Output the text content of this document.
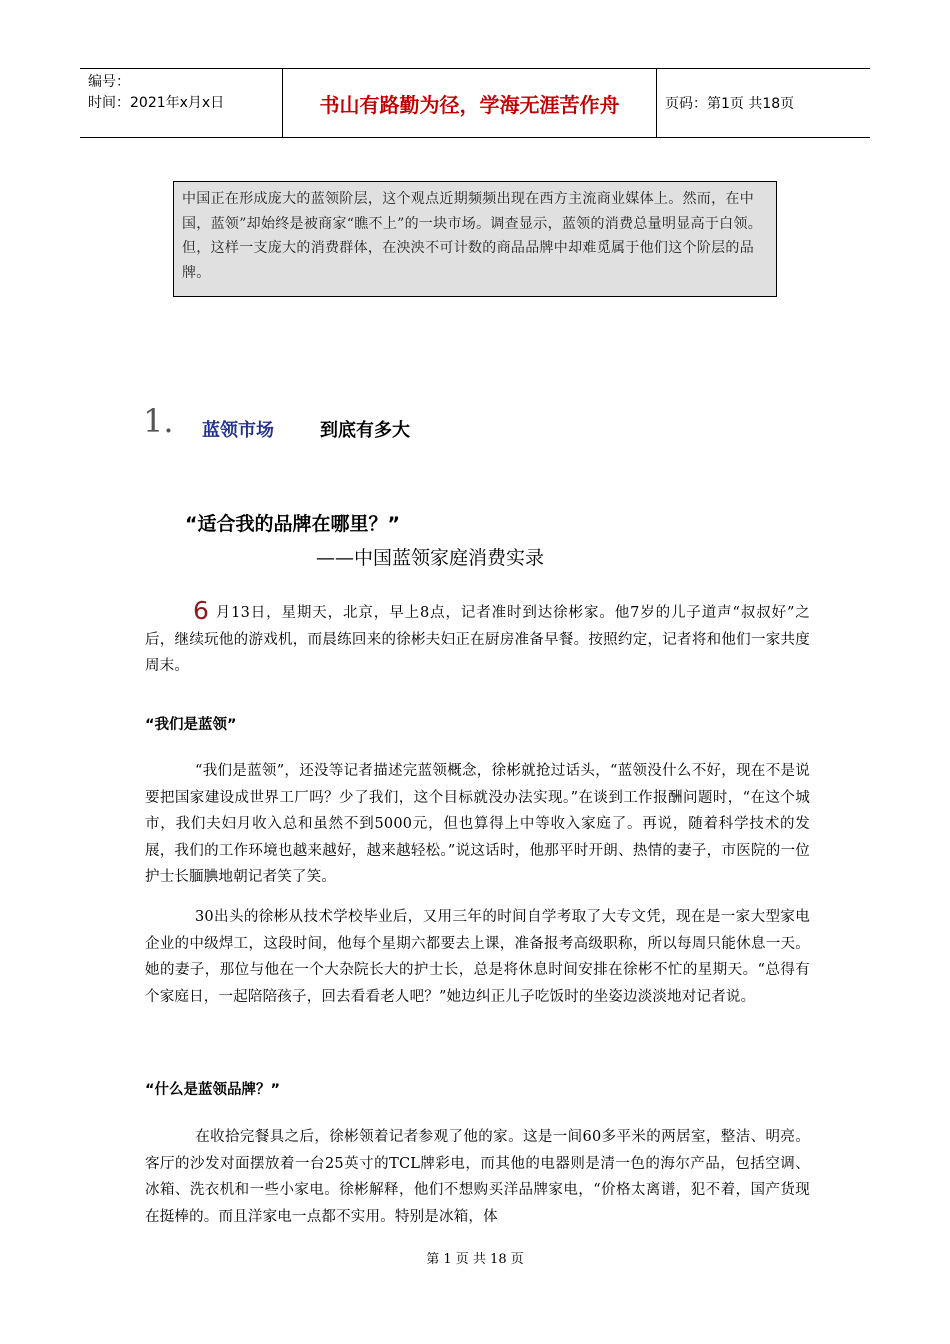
编号：
时间：2021年x月x日	书山有路勤为径，学海无涯苦作舟	页码：第1页 共18页
中国正在形成庞大的蓝领阶层，这个观点近期频频出现在西方主流商业媒体上。然而，在中国，蓝领”却始终是被商家“瞧不上”的一块市场。调查显示，蓝领的消费总量明显高于白领。但，这样一支庞大的消费群体，在泱泱不可计数的商品品牌中却难觅属于他们这个阶层的品牌。
1. 蓝领市场	到底有多大
“适合我的品牌在哪里？”
——中国蓝领家庭消费实录
6 月13日，星期天，北京，早上8点，记者准时到达徐彬家。他7岁的儿子道声“叔叔好”之后，继续玩他的游戏机，而晨练回来的徐彬夫妇正在厨房准备早餐。按照约定，记者将和他们一家共度周末。
“我们是蓝领”
“我们是蓝领”，还没等记者描述完蓝领概念，徐彬就抢过话头，“蓝领没什么不好，现在不是说要把国家建设成世界工厂吗？少了我们，这个目标就没办法实现。”在谈到工作报酬问题时，“在这个城市，我们夫妇月收入总和虽然不到5000元，但也算得上中等收入家庭了。再说，随着科学技术的发展，我们的工作环境也越来越好，越来越轻松。”说这话时，他那平时开朗、热情的妻子，市医院的一位护士长腼腆地朝记者笑了笑。
30出头的徐彬从技术学校毕业后，又用三年的时间自学考取了大专文凭，现在是一家大型家电企业的中级焊工，这段时间，他每个星期六都要去上课，准备报考高级职称，所以每周只能休息一天。她的妻子，那位与他在一个大杂院长大的护士长，总是将休息时间安排在徐彬不忙的星期天。“总得有个家庭日，一起陪陪孩子，回去看看老人吧？”她边纠正儿子吃饭时的坐姿边淡淡地对记者说。
“什么是蓝领品牌？”
在收拾完餐具之后，徐彬领着记者参观了他的家。这是一间60多平米的两居室，整洁、明亮。客厅的沙发对面摆放着一台25英寸的TCL牌彩电，而其他的电器则是清一色的海尔产品，包括空调、冰箱、洗衣机和一些小家电。徐彬解释，他们不想购买洋品牌家电，“价格太离谱，犯不着，国产货现在挺棒的。而且洋家电一点都不实用。特别是冰箱，体
第 1 页 共 18 页
